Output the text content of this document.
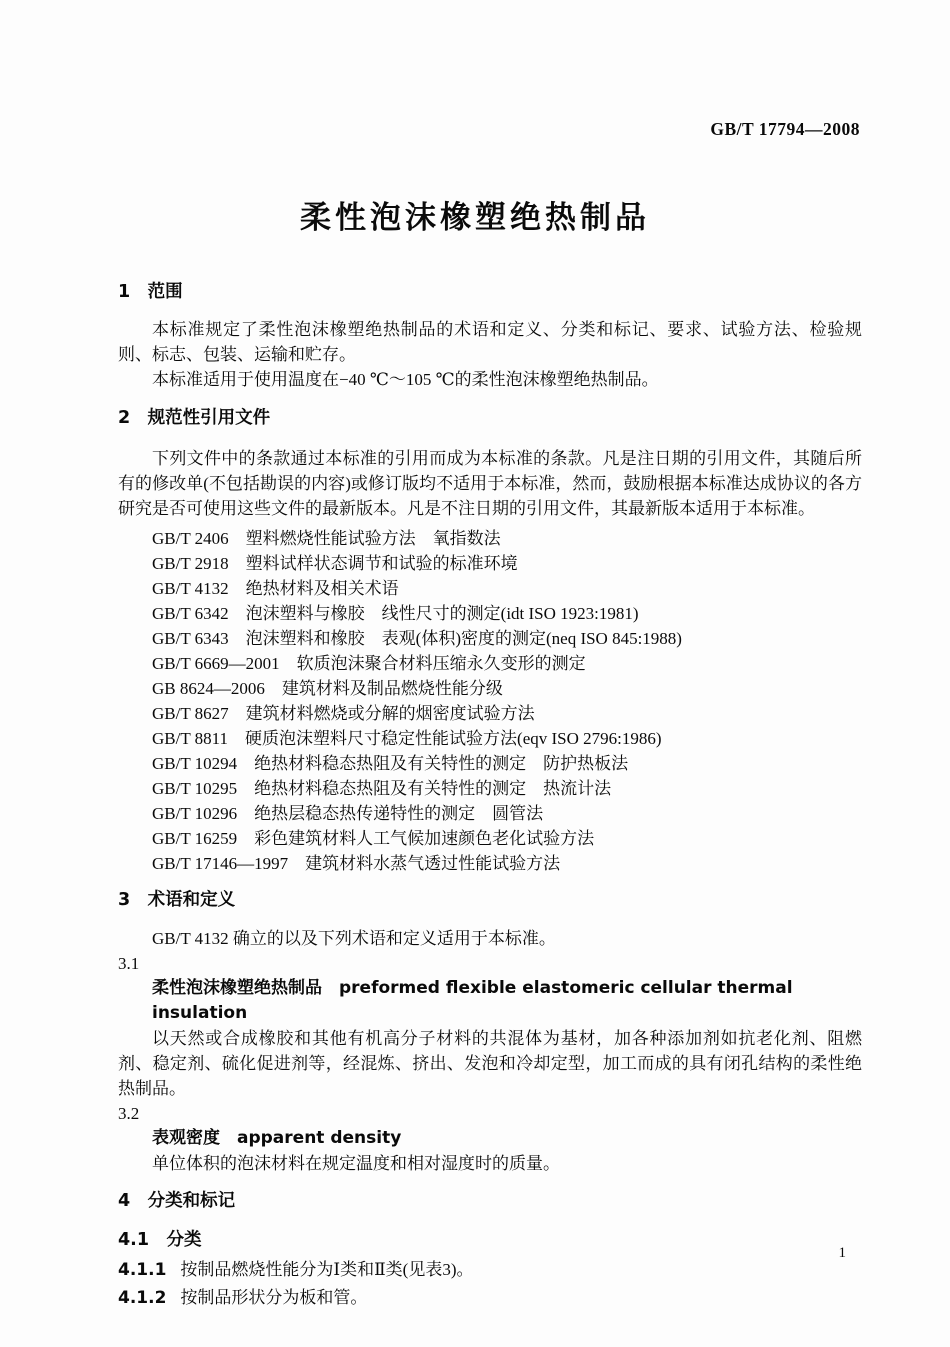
GB/T 17794—2008
柔性泡沫橡塑绝热制品
1　范围

本标准规定了柔性泡沫橡塑绝热制品的术语和定义、分类和标记、要求、试验方法、检验规则、标志、包装、运输和贮存。

本标准适用于使用温度在−40 ℃～105 ℃的柔性泡沫橡塑绝热制品。

2　规范性引用文件

下列文件中的条款通过本标准的引用而成为本标准的条款。凡是注日期的引用文件，其随后所有的修改单(不包括勘误的内容)或修订版均不适用于本标准，然而，鼓励根据本标准达成协议的各方研究是否可使用这些文件的最新版本。凡是不注日期的引用文件，其最新版本适用于本标准。

GB/T 2406　塑料燃烧性能试验方法　氧指数法
GB/T 2918　塑料试样状态调节和试验的标准环境
GB/T 4132　绝热材料及相关术语
GB/T 6342　泡沫塑料与橡胶　线性尺寸的测定(idt ISO 1923:1981)
GB/T 6343　泡沫塑料和橡胶　表观(体积)密度的测定(neq ISO 845:1988)
GB/T 6669—2001　软质泡沫聚合材料压缩永久变形的测定
GB 8624—2006　建筑材料及制品燃烧性能分级
GB/T 8627　建筑材料燃烧或分解的烟密度试验方法
GB/T 8811　硬质泡沫塑料尺寸稳定性能试验方法(eqv ISO 2796:1986)
GB/T 10294　绝热材料稳态热阻及有关特性的测定　防护热板法
GB/T 10295　绝热材料稳态热阻及有关特性的测定　热流计法
GB/T 10296　绝热层稳态热传递特性的测定　圆管法
GB/T 16259　彩色建筑材料人工气候加速颜色老化试验方法
GB/T 17146—1997　建筑材料水蒸气透过性能试验方法
3　术语和定义

GB/T 4132 确立的以及下列术语和定义适用于本标准。

3.1
柔性泡沫橡塑绝热制品　preformed flexible elastomeric cellular thermal insulation

以天然或合成橡胶和其他有机高分子材料的共混体为基材，加各种添加剂如抗老化剂、阻燃剂、稳定剂、硫化促进剂等，经混炼、挤出、发泡和冷却定型，加工而成的具有闭孔结构的柔性绝热制品。

3.2
表观密度　apparent density

单位体积的泡沫材料在规定温度和相对湿度时的质量。

4　分类和标记
4.1　分类
4.1.1 按制品燃烧性能分为Ⅰ类和Ⅱ类(见表3)。
4.1.2 按制品形状分为板和管。
1
